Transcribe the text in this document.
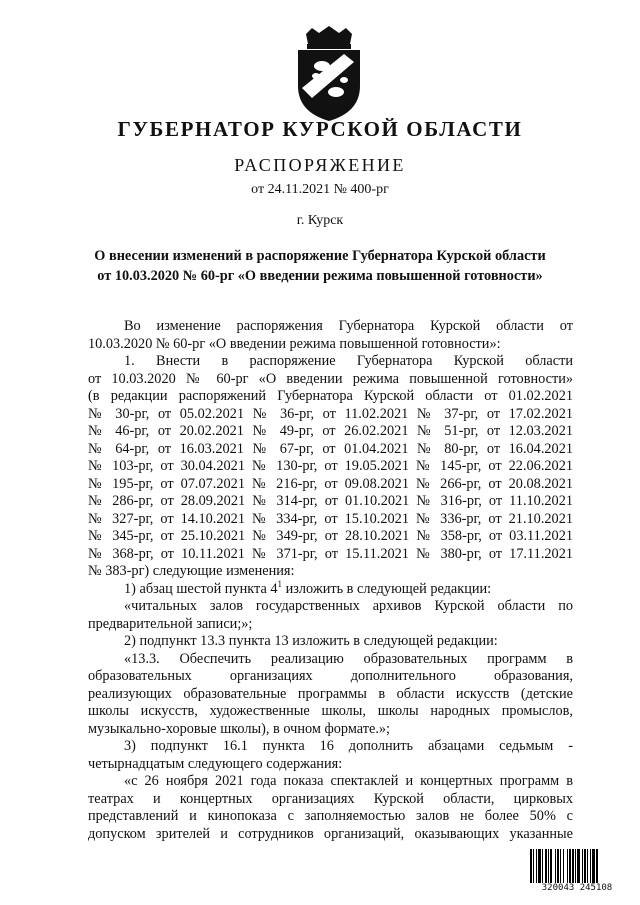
ГУБЕРНАТОР КУРСКОЙ ОБЛАСТИ
РАСПОРЯЖЕНИЕ
от 24.11.2021 № 400-рг
г. Курск
О внесении изменений в распоряжение Губернатора Курской области
от 10.03.2020 № 60-рг «О введении режима повышенной готовности»

Во изменение распоряжения Губернатора Курской области от

10.03.2020 № 60-рг «О введении режима повышенной готовности»:

1. Внести в распоряжение Губернатора Курской области

от 10.03.2020 № 60-рг «О введении режима повышенной готовности»

(в редакции распоряжений Губернатора Курской области от 01.02.2021

№ 30-рг, от 05.02.2021 № 36-рг, от 11.02.2021 № 37-рг, от 17.02.2021

№ 46-рг, от 20.02.2021 № 49-рг, от 26.02.2021 № 51-рг, от 12.03.2021

№ 64-рг, от 16.03.2021 № 67-рг, от 01.04.2021 № 80-рг, от 16.04.2021

№ 103-рг, от 30.04.2021 № 130-рг, от 19.05.2021 № 145-рг, от 22.06.2021

№ 195-рг, от 07.07.2021 № 216-рг, от 09.08.2021 № 266-рг, от 20.08.2021

№ 286-рг, от 28.09.2021 № 314-рг, от 01.10.2021 № 316-рг, от 11.10.2021

№ 327-рг, от 14.10.2021 № 334-рг, от 15.10.2021 № 336-рг, от 21.10.2021

№ 345-рг, от 25.10.2021 № 349-рг, от 28.10.2021 № 358-рг, от 03.11.2021

№ 368-рг, от 10.11.2021 № 371-рг, от 15.11.2021 № 380-рг, от 17.11.2021

№ 383-рг) следующие изменения:

1) абзац шестой пункта $4^1$ изложить в следующей редакции:

«читальных залов государственных архивов Курской области по

предварительной записи;»;

2) подпункт 13.3 пункта 13 изложить в следующей редакции:

«13.3. Обеспечить реализацию образовательных программ в

образовательных организациях дополнительного образования,

реализующих образовательные программы в области искусств (детские

школы искусств, художественные школы, школы народных промыслов,

музыкально-хоровые школы), в очном формате.»;

3) подпункт 16.1 пункта 16 дополнить абзацами седьмым -

четырнадцатым следующего содержания:

«с 26 ноября 2021 года показа спектаклей и концертных программ в

театрах и концертных организациях Курской области, цирковых

представлений и кинопоказа с заполняемостью залов не более 50% с

допуском зрителей и сотрудников организаций, оказывающих указанные

320043 245108
